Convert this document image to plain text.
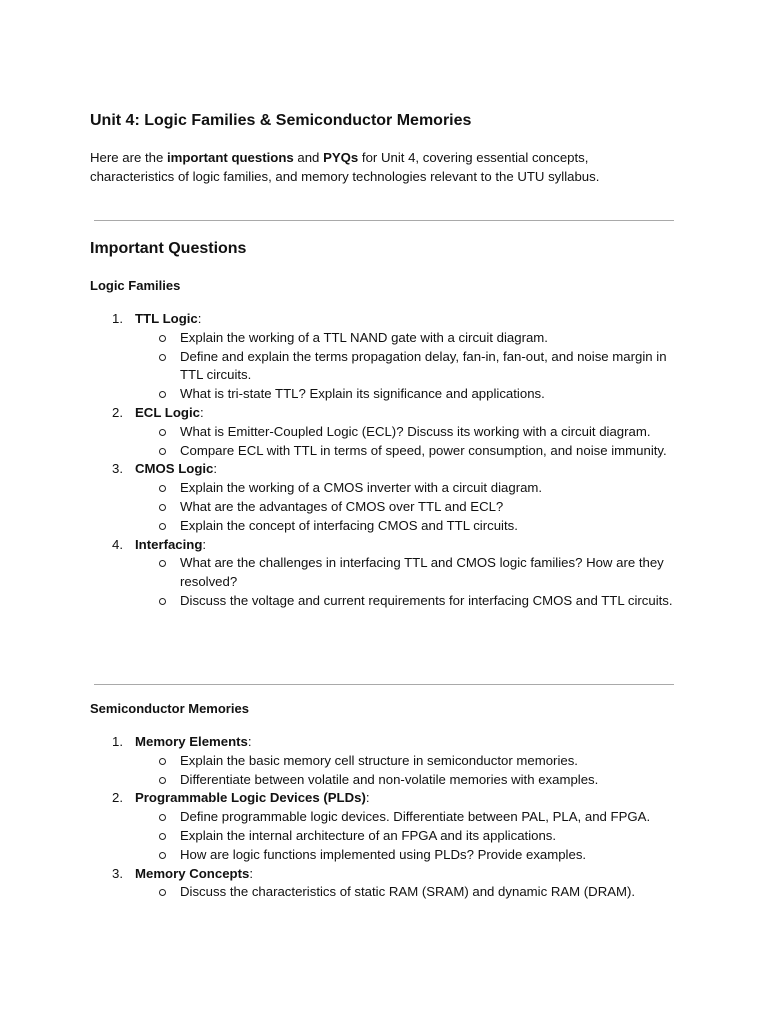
Unit 4: Logic Families & Semiconductor Memories

Here are the important questions and PYQs for Unit 4, covering essential concepts, characteristics of logic families, and memory technologies relevant to the UTU syllabus.

Important Questions
Logic Families
1. TTL Logic:
Explain the working of a TTL NAND gate with a circuit diagram.
Define and explain the terms propagation delay, fan-in, fan-out, and noise margin in TTL circuits.
What is tri-state TTL? Explain its significance and applications.
2. ECL Logic:
What is Emitter-Coupled Logic (ECL)? Discuss its working with a circuit diagram.
Compare ECL with TTL in terms of speed, power consumption, and noise immunity.
3. CMOS Logic:
Explain the working of a CMOS inverter with a circuit diagram.
What are the advantages of CMOS over TTL and ECL?
Explain the concept of interfacing CMOS and TTL circuits.
4. Interfacing:
What are the challenges in interfacing TTL and CMOS logic families? How are they resolved?
Discuss the voltage and current requirements for interfacing CMOS and TTL circuits.
Semiconductor Memories
1. Memory Elements:
Explain the basic memory cell structure in semiconductor memories.
Differentiate between volatile and non-volatile memories with examples.
2. Programmable Logic Devices (PLDs):
Define programmable logic devices. Differentiate between PAL, PLA, and FPGA.
Explain the internal architecture of an FPGA and its applications.
How are logic functions implemented using PLDs? Provide examples.
3. Memory Concepts:
Discuss the characteristics of static RAM (SRAM) and dynamic RAM (DRAM).
